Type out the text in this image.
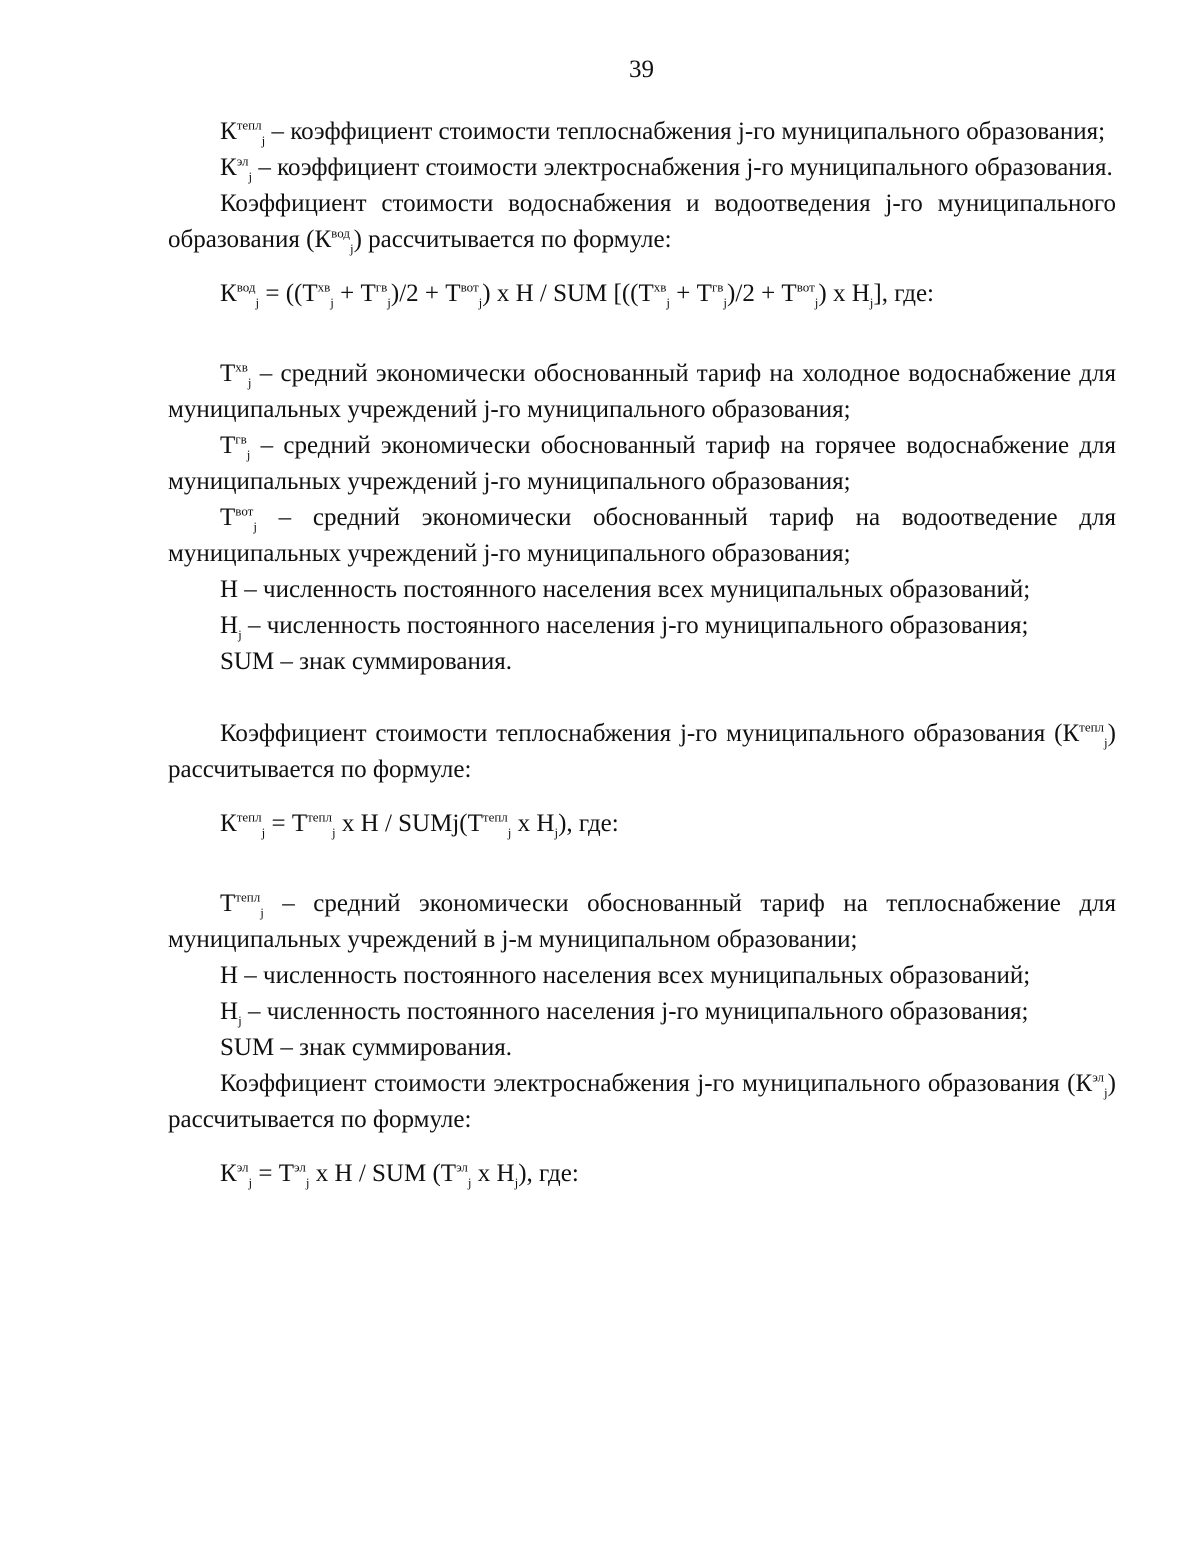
39

$К^{тепл}_j$ – коэффициент стоимости теплоснабжения j-го муниципального образования;

$К^{эл}_j$ – коэффициент стоимости электроснабжения j-го муниципального образования.

Коэффициент стоимости водоснабжения и водоотведения j-го муниципального образования $(К^{вод}_j)$ рассчитывается по формуле:

$К^{вод}_j = ((Т^{хв}_j + Т^{гв}_j)/2 + Т^{вот}_j)$ x Н / SUM [$((Т^{хв}_j + Т^{гв}_j)/2 + Т^{вот}_j)$ x $Н_j$], где:

$Т^{хв}_j$ – средний экономически обоснованный тариф на холодное водоснабжение для муниципальных учреждений j-го муниципального образования;

$Т^{гв}_j$ – средний экономически обоснованный тариф на горячее водоснабжение для муниципальных учреждений j-го муниципального образования;

$Т^{вот}_j$ – средний экономически обоснованный тариф на водоотведение для муниципальных учреждений j-го муниципального образования;

Н – численность постоянного населения всех муниципальных образований;

$Н_j$ – численность постоянного населения j-го муниципального образования;

SUM – знак суммирования.

Коэффициент стоимости теплоснабжения j-го муниципального образования $(К^{тепл}_j)$ рассчитывается по формуле:

$К^{тепл}_j = Т^{тепл}_j$ x Н / $SUMj(Т^{тепл}_j$ x $Н_j$), где:

$Т^{тепл}_j$ – средний экономически обоснованный тариф на теплоснабжение для муниципальных учреждений в j-м муниципальном образовании;

Н – численность постоянного населения всех муниципальных образований;

$Н_j$ – численность постоянного населения j-го муниципального образования;

SUM – знак суммирования.

Коэффициент стоимости электроснабжения j-го муниципального образования $(К^{эл}_j)$ рассчитывается по формуле:

$К^{эл}_j = Т^{эл}_j$ x Н / SUM ($Т^{эл}_j$ x $Н_j$), где:
